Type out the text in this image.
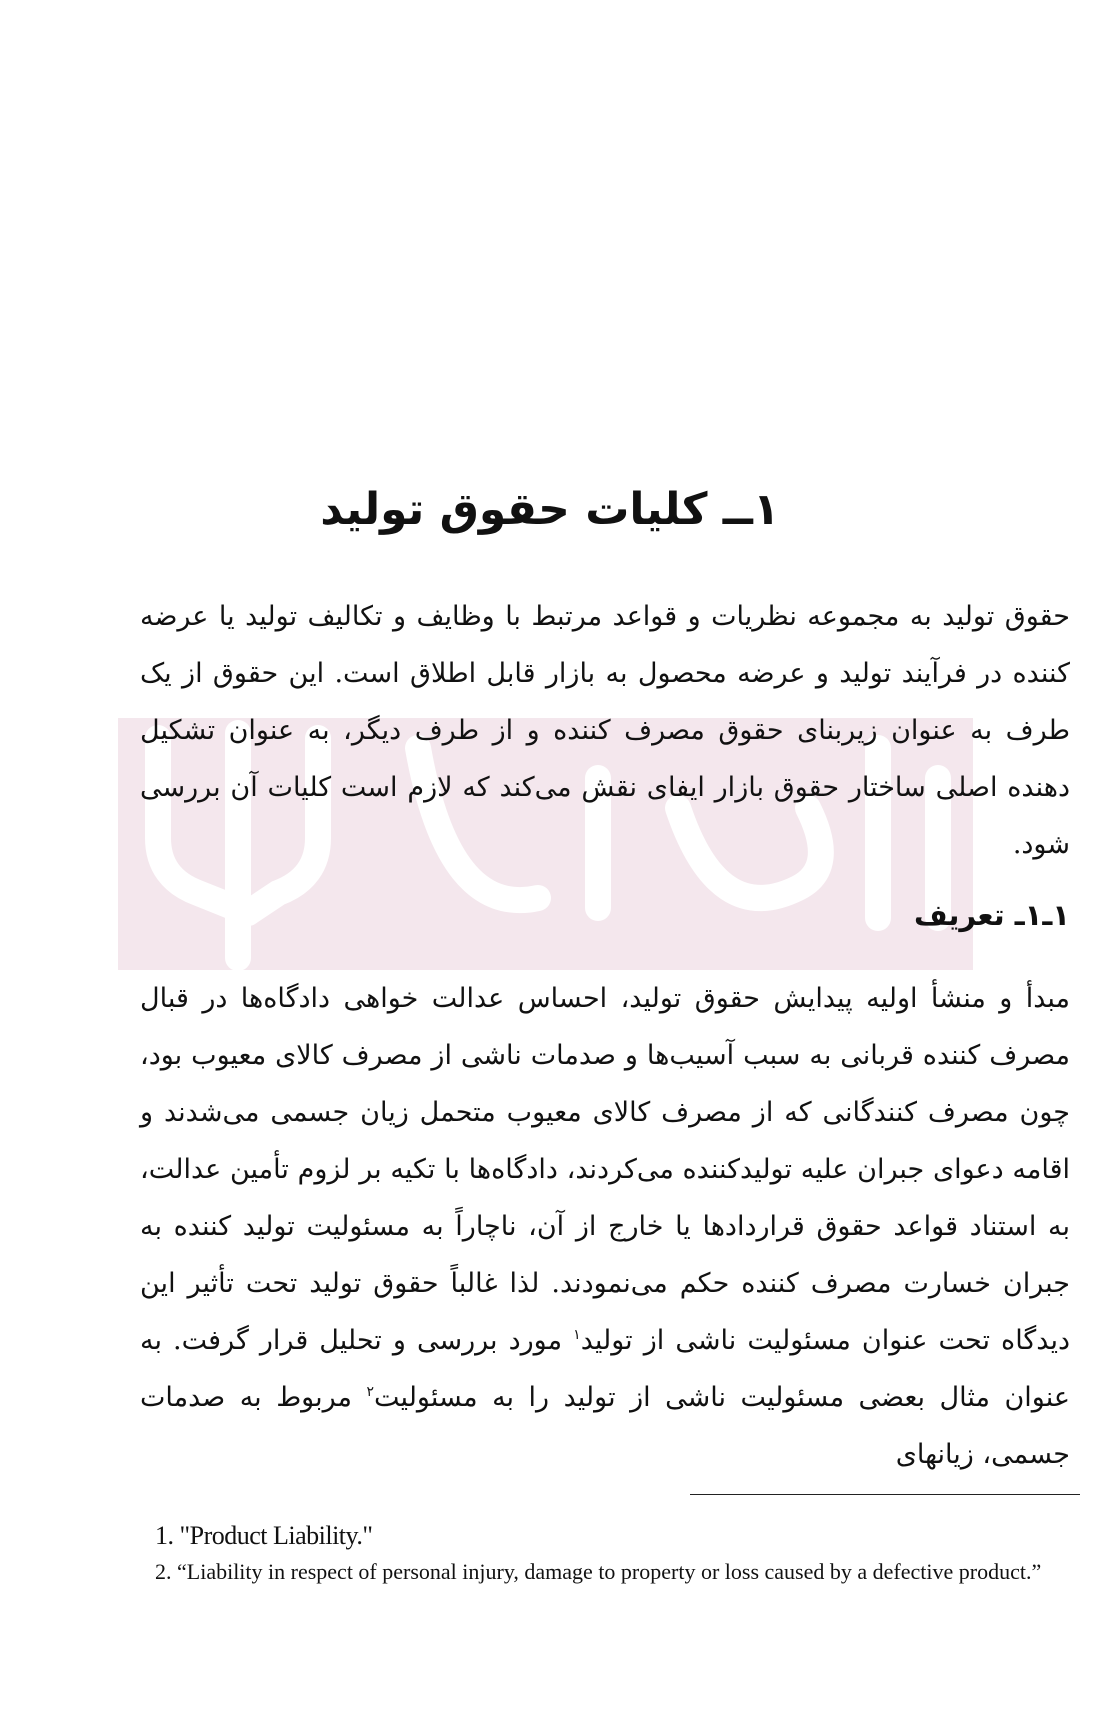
۱ــ کلیات حقوق تولید

حقوق تولید به مجموعه نظریات و قواعد مرتبط با وظایف و تکالیف تولید یا عرضه کننده در فرآیند تولید و عرضه محصول به بازار قابل اطلاق است. این حقوق از یک طرف به عنوان زیربنای حقوق مصرف کننده و از طرف دیگر، به عنوان تشکیل دهنده اصلی ساختار حقوق بازار ایفای نقش می‌کند که لازم است کلیات آن بررسی شود.

۱ـ۱ـ تعریف

مبدأ و منشأ اولیه پیدایش حقوق تولید، احساس عدالت خواهی دادگاه‌ها در قبال مصرف کننده قربانی به سبب آسیب‌ها و صدمات ناشی از مصرف کالای معیوب بود، چون مصرف کنندگانی که از مصرف کالای معیوب متحمل زیان جسمی می‌شدند و اقامه دعوای جبران علیه تولیدکننده می‌کردند، دادگاه‌ها با تکیه بر لزوم تأمین عدالت، به استناد قواعد حقوق قراردادها یا خارج از آن، ناچاراً به مسئولیت تولید کننده به جبران خسارت مصرف کننده حکم می‌نمودند. لذا غالباً حقوق تولید تحت تأثیر این دیدگاه تحت عنوان مسئولیت ناشی از تولید$^۱$ مورد بررسی و تحلیل قرار گرفت. به عنوان مثال بعضی مسئولیت ناشی از تولید را به مسئولیت$^۲$ مربوط به صدمات جسمی، زیانهای

1. "Product Liability."

2. “Liability in respect of personal injury, damage to property or loss caused by a defective product.”
